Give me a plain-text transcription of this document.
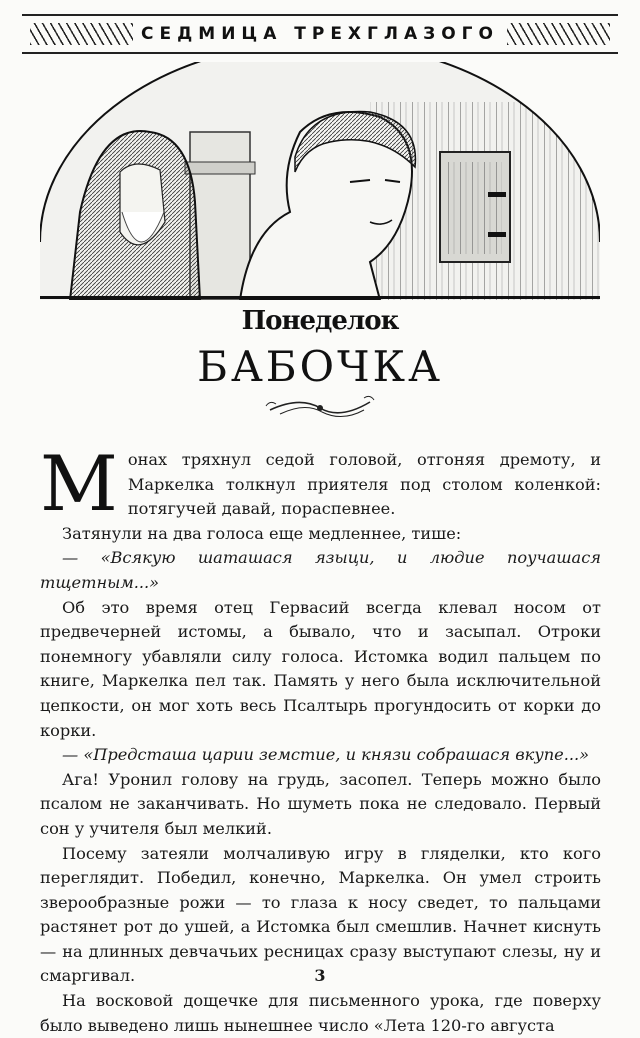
СЕДМИЦА ТРЕХГЛАЗОГО
Понеделок
БАБОЧКА

М онах тряхнул седой головой, отгоняя дремоту, и Маркелка толкнул приятеля под столом коленкой: потягучей давай, пораспевнее.

Затянули на два голоса еще медленнее, тише:

— «Всякую шаташася языци, и людие поучашася тщетным...»

Об это время отец Гервасий всегда клевал носом от предвечерней истомы, а бывало, что и засыпал. Отроки понемногу убавляли силу голоса. Истомка водил пальцем по книге, Маркелка пел так. Память у него была исключительной цепкости, он мог хоть весь Псалтырь прогундосить от корки до корки.

— «Предсташа царии земстие, и князи собрашася вкупе...»

Ага! Уронил голову на грудь, засопел. Теперь можно было псалом не заканчивать. Но шуметь пока не следовало. Первый сон у учителя был мелкий.

Посему затеяли молчаливую игру в гляделки, кто кого переглядит. Победил, конечно, Маркелка. Он умел строить зверообразные рожи — то глаза к носу сведет, то пальцами растянет рот до ушей, а Истомка был смешлив. Начнет киснуть — на длинных девчачьих ресницах сразу выступают слезы, ну и смаргивал.

На восковой дощечке для письменного урока, где поверху было выведено лишь нынешнее число «Лета 120-го августа

3
